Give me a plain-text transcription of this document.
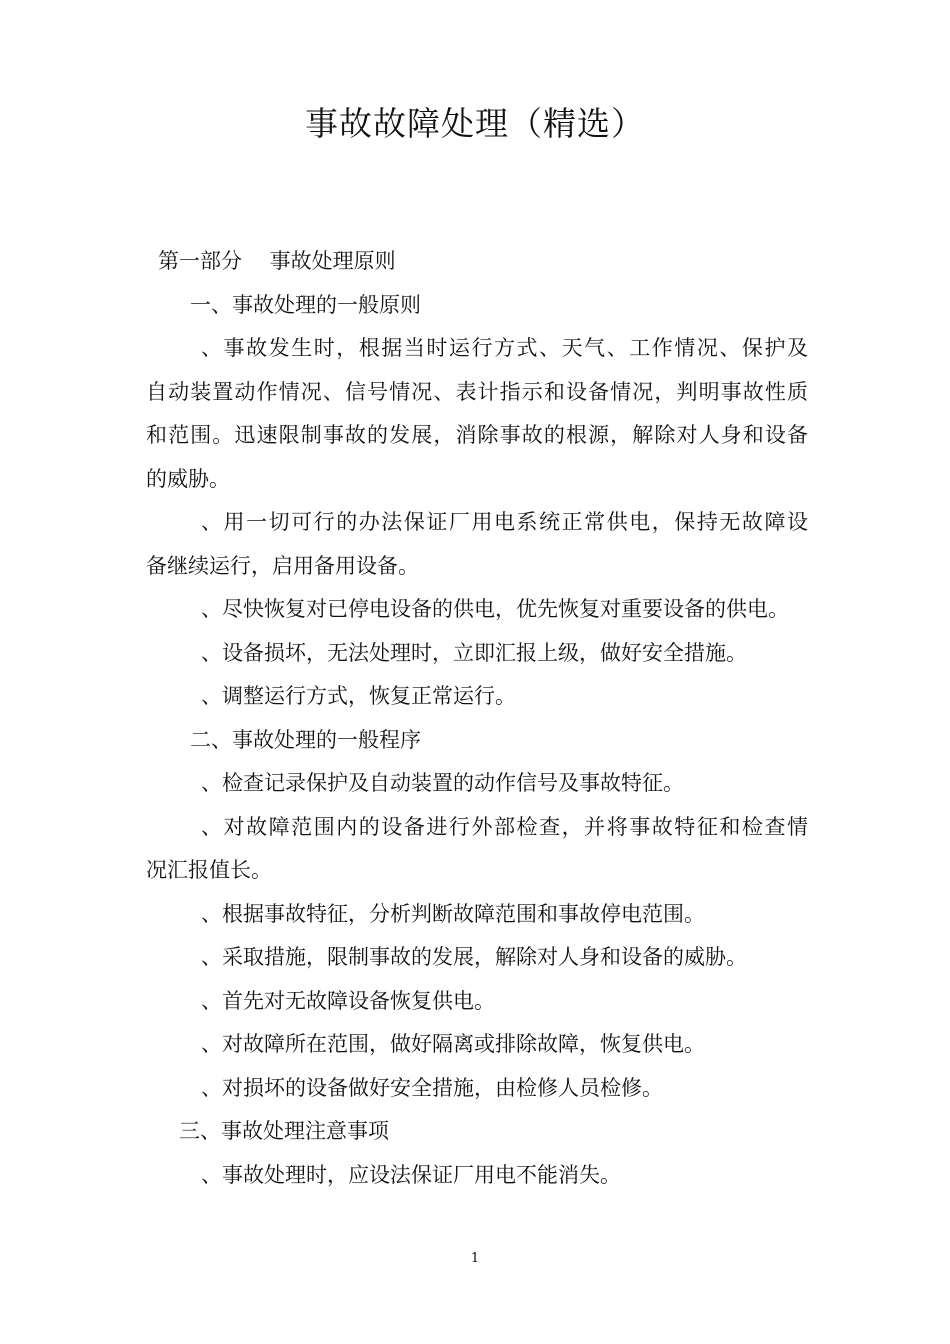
事故故障处理（精选）
第一部分　 事故处理原则
一、事故处理的一般原则
、事故发生时，根据当时运行方式、天气、工作情况、保护及
自动装置动作情况、信号情况、表计指示和设备情况，判明事故性质
和范围。迅速限制事故的发展，消除事故的根源，解除对人身和设备
的威胁。
、用一切可行的办法保证厂用电系统正常供电，保持无故障设
备继续运行，启用备用设备。
、尽快恢复对已停电设备的供电，优先恢复对重要设备的供电。
、设备损坏，无法处理时，立即汇报上级，做好安全措施。
、调整运行方式，恢复正常运行。
二、事故处理的一般程序
、检查记录保护及自动装置的动作信号及事故特征。
、对故障范围内的设备进行外部检查，并将事故特征和检查情
况汇报值长。
、根据事故特征，分析判断故障范围和事故停电范围。
、采取措施，限制事故的发展，解除对人身和设备的威胁。
、首先对无故障设备恢复供电。
、对故障所在范围，做好隔离或排除故障，恢复供电。
、对损坏的设备做好安全措施，由检修人员检修。
三、事故处理注意事项
、事故处理时，应设法保证厂用电不能消失。
1
